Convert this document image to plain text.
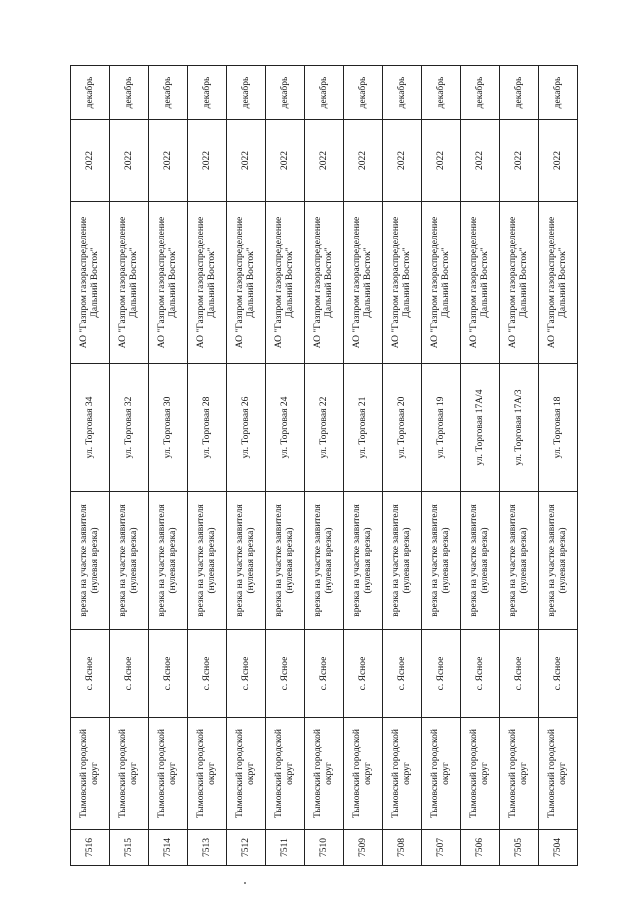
7516	Тымовский городской округ	с. Ясное	врезка на участке заявителя (нулевая врезка)	ул. Торговая 34	АО "Газпром газораспределение Дальний Восток"	2022	декабрь
7515	Тымовский городской округ	с. Ясное	врезка на участке заявителя (нулевая врезка)	ул. Торговая 32	АО "Газпром газораспределение Дальний Восток"	2022	декабрь
7514	Тымовский городской округ	с. Ясное	врезка на участке заявителя (нулевая врезка)	ул. Торговая 30	АО "Газпром газораспределение Дальний Восток"	2022	декабрь
7513	Тымовский городской округ	с. Ясное	врезка на участке заявителя (нулевая врезка)	ул. Торговая 28	АО "Газпром газораспределение Дальний Восток"	2022	декабрь
7512	Тымовский городской округ	с. Ясное	врезка на участке заявителя (нулевая врезка)	ул. Торговая 26	АО "Газпром газораспределение Дальний Восток"	2022	декабрь
7511	Тымовский городской округ	с. Ясное	врезка на участке заявителя (нулевая врезка)	ул. Торговая 24	АО "Газпром газораспределение Дальний Восток"	2022	декабрь
7510	Тымовский городской округ	с. Ясное	врезка на участке заявителя (нулевая врезка)	ул. Торговая 22	АО "Газпром газораспределение Дальний Восток"	2022	декабрь
7509	Тымовский городской округ	с. Ясное	врезка на участке заявителя (нулевая врезка)	ул. Торговая 21	АО "Газпром газораспределение Дальний Восток"	2022	декабрь
7508	Тымовский городской округ	с. Ясное	врезка на участке заявителя (нулевая врезка)	ул. Торговая 20	АО "Газпром газораспределение Дальний Восток"	2022	декабрь
7507	Тымовский городской округ	с. Ясное	врезка на участке заявителя (нулевая врезка)	ул. Торговая 19	АО "Газпром газораспределение Дальний Восток"	2022	декабрь
7506	Тымовский городской округ	с. Ясное	врезка на участке заявителя (нулевая врезка)	ул. Торговая 17А/4	АО "Газпром газораспределение Дальний Восток"	2022	декабрь
7505	Тымовский городской округ	с. Ясное	врезка на участке заявителя (нулевая врезка)	ул. Торговая 17А/3	АО "Газпром газораспределение Дальний Восток"	2022	декабрь
7504	Тымовский городской округ	с. Ясное	врезка на участке заявителя (нулевая врезка)	ул. Торговая 18	АО "Газпром газораспределение Дальний Восток"	2022	декабрь
